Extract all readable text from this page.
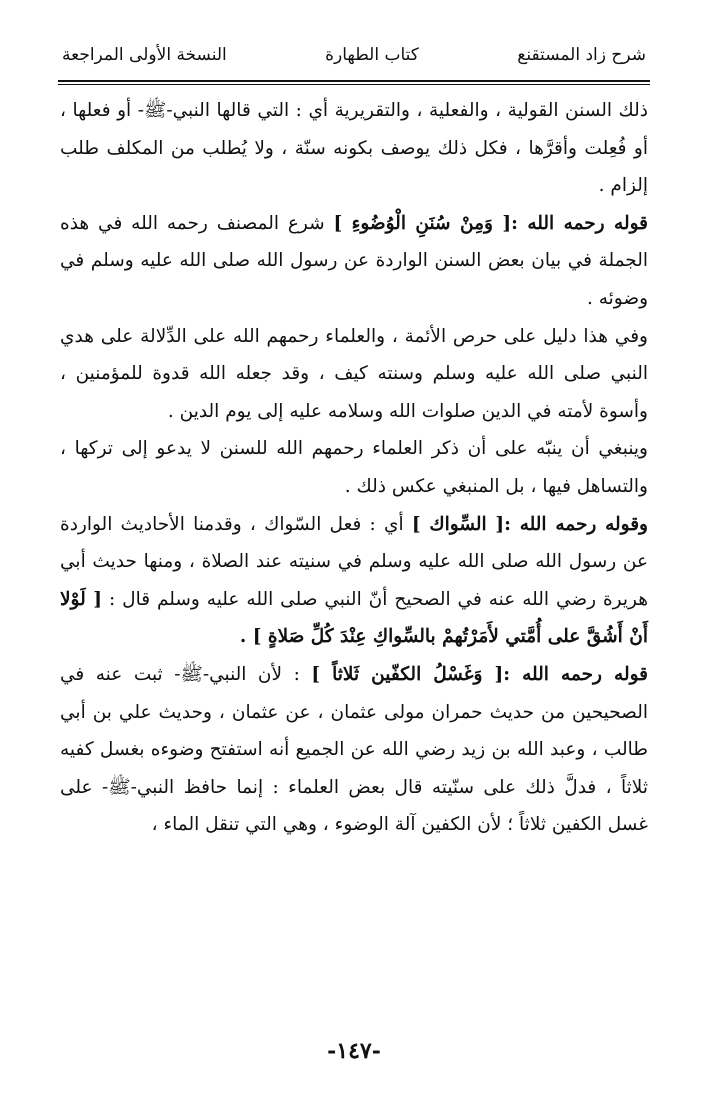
شرح زاد المستقنع
كتاب الطهارة
النسخة الأولى المراجعة

ذلك السنن القولية ، والفعلية ، والتقريرية أي : التي قالها النبي-ﷺ- أو فعلها ، أو فُعِلت وأقرَّها ، فكل ذلك يوصف بكونه سنّة ، ولا يُطلب من المكلف طلب إلزام .

قوله رحمه الله :[ وَمِنْ سُنَنِ الْوُضُوءِ ] شرع المصنف رحمه الله في هذه الجملة في بيان بعض السنن الواردة عن رسول الله صلى الله عليه وسلم في وضوئه .

وفي هذا دليل على حرص الأئمة ، والعلماء رحمهم الله على الدِّلالة على هدي النبي صلى الله عليه وسلم وسنته كيف ، وقد جعله الله قدوة للمؤمنين ، وأسوة لأمته في الدين صلوات الله وسلامه عليه إلى يوم الدين .

وينبغي أن ينبّه على أن ذكر العلماء رحمهم الله للسنن لا يدعو إلى تركها ، والتساهل فيها ، بل المنبغي عكس ذلك .

وقوله رحمه الله :[ السِّواك ] أي : فعل السّواك ، وقدمنا الأحاديث الواردة عن رسول الله صلى الله عليه وسلم في سنيته عند الصلاة ، ومنها حديث أبي هريرة رضي الله عنه في الصحيح أنّ النبي صلى الله عليه وسلم قال : [ لَوْلا أَنْ أَشُقَّ على أُمَّتي لأَمَرْتُهمْ بالسِّواكِ عِنْدَ كُلِّ صَلاةٍ ] .

قوله رحمه الله :[ وَغَسْلُ الكفّين ثَلاثاً ] : لأن النبي-ﷺ- ثبت عنه في الصحيحين من حديث حمران مولى عثمان ، عن عثمان ، وحديث علي بن أبي طالب ، وعبد الله بن زيد رضي الله عن الجميع أنه استفتح وضوءه بغسل كفيه ثلاثاً ، فدلَّ ذلك على سنّيته قال بعض العلماء : إنما حافظ النبي-ﷺ- على غسل الكفين ثلاثاً ؛ لأن الكفين آلة الوضوء ، وهي التي تنقل الماء ،

-١٤٧-
